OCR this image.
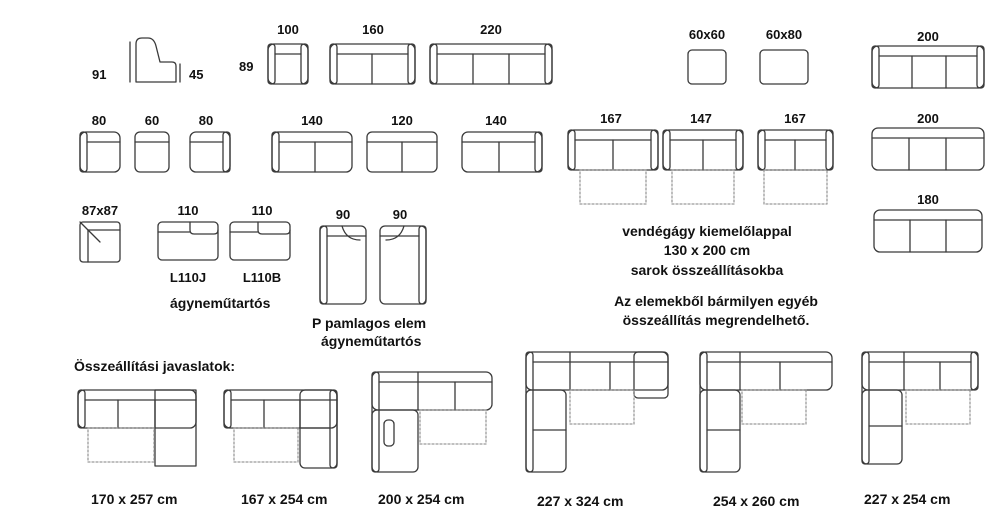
91	45
89
100	160	220	60x60	60x80	200
80	60	80	140	120	140	167	147	167	200
180
87x87	110	110	90	90
L110J	L110B
ágyneműtartós
P pamlagos elem
ágyneműtartós
vendégágy kiemelőlappal
130 x 200 cm
sarok összeállításokba
Az elemekből bármilyen egyéb
összeállítás megrendelhető.
Összeállítási javaslatok:
170 x 257 cm	167 x 254 cm	200 x 254 cm	227 x 324 cm	254 x 260 cm	227 x 254 cm
